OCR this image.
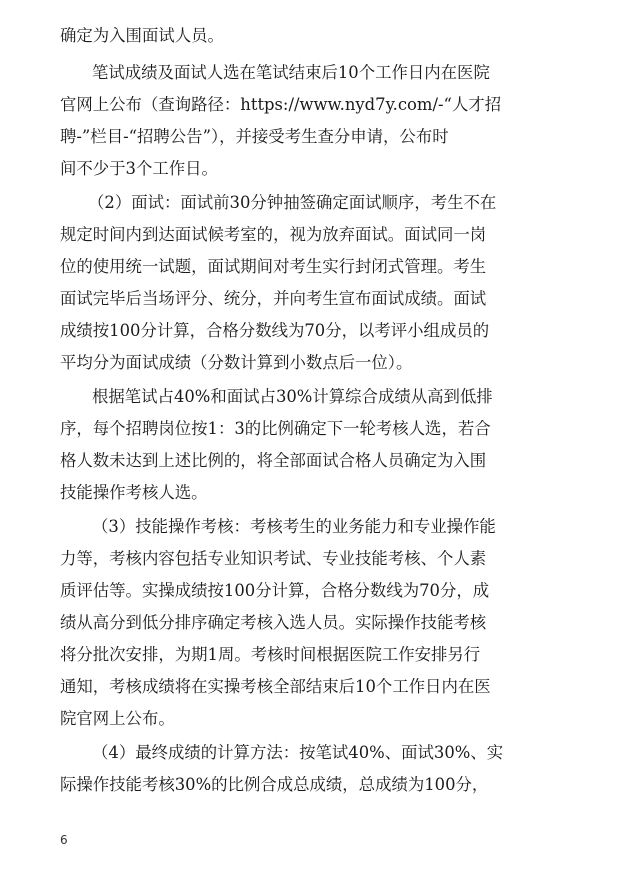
确定为入围面试人员。
笔试成绩及面试人选在笔试结束后10个工作日内在医院
官网上公布（查询路径：https://www.nyd7y.com/-“人才招
聘-”栏目-“招聘公告”），并接受考生查分申请，公布时
间不少于3个工作日。
（2）面试：面试前30分钟抽签确定面试顺序，考生不在
规定时间内到达面试候考室的，视为放弃面试。面试同一岗
位的使用统一试题，面试期间对考生实行封闭式管理。考生
面试完毕后当场评分、统分，并向考生宣布面试成绩。面试
成绩按100分计算，合格分数线为70分，以考评小组成员的
平均分为面试成绩（分数计算到小数点后一位）。
根据笔试占40%和面试占30%计算综合成绩从高到低排
序，每个招聘岗位按1：3的比例确定下一轮考核人选，若合
格人数未达到上述比例的，将全部面试合格人员确定为入围
技能操作考核人选。
（3）技能操作考核：考核考生的业务能力和专业操作能
力等，考核内容包括专业知识考试、专业技能考核、个人素
质评估等。实操成绩按100分计算，合格分数线为70分，成
绩从高分到低分排序确定考核入选人员。实际操作技能考核
将分批次安排，为期1周。考核时间根据医院工作安排另行
通知，考核成绩将在实操考核全部结束后10个工作日内在医
院官网上公布。
（4）最终成绩的计算方法：按笔试40%、面试30%、实
际操作技能考核30%的比例合成总成绩，总成绩为100分，
6
